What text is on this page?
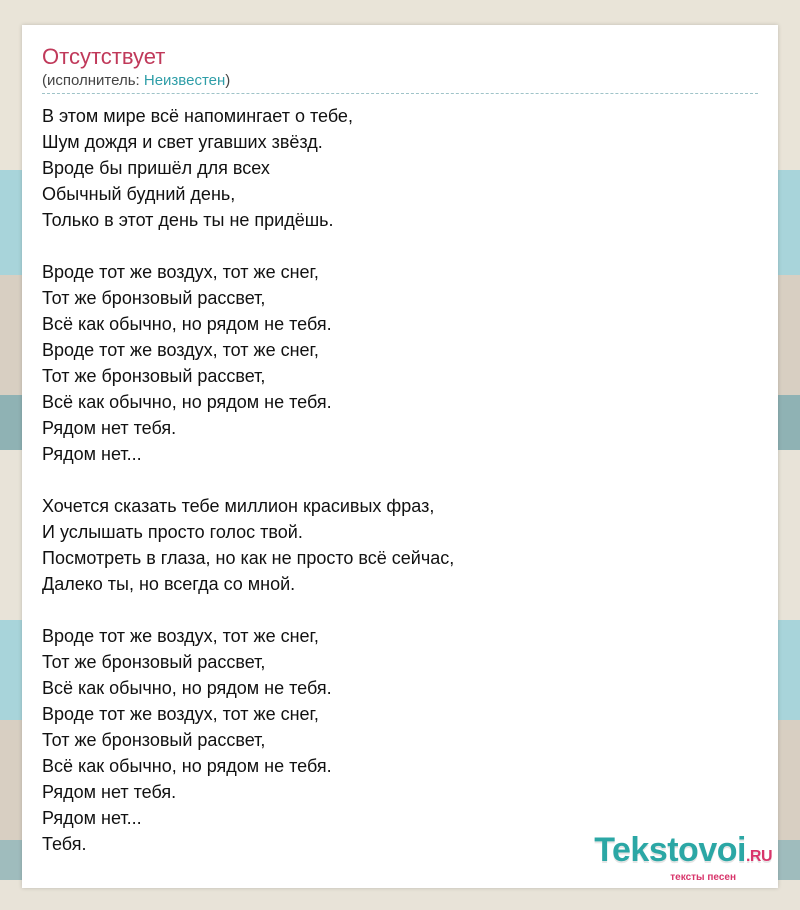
Отсутствует
(исполнитель: Неизвестен)
В этом мире всё напомингает о тебе,
Шум дождя и свет угавших звёзд.
Вроде бы пришёл для всех
Обычный будний день,
Только в этот день ты не придёшь.
Вроде тот же воздух, тот же снег,
Тот же бронзовый рассвет,
Всё как обычно, но рядом не тебя.
Вроде тот же воздух, тот же снег,
Тот же бронзовый рассвет,
Всё как обычно, но рядом не тебя.
Рядом нет тебя.
Рядом нет...
Хочется сказать тебе миллион красивых фраз,
И услышать просто голос твой.
Посмотреть в глаза, но как не просто всё сейчас,
Далеко ты, но всегда со мной.
Вроде тот же воздух, тот же снег,
Тот же бронзовый рассвет,
Всё как обычно, но рядом не тебя.
Вроде тот же воздух, тот же снег,
Тот же бронзовый рассвет,
Всё как обычно, но рядом не тебя.
Рядом нет тебя.
Рядом нет...
Тебя.	Tekstovoi.RU
тексты песен
